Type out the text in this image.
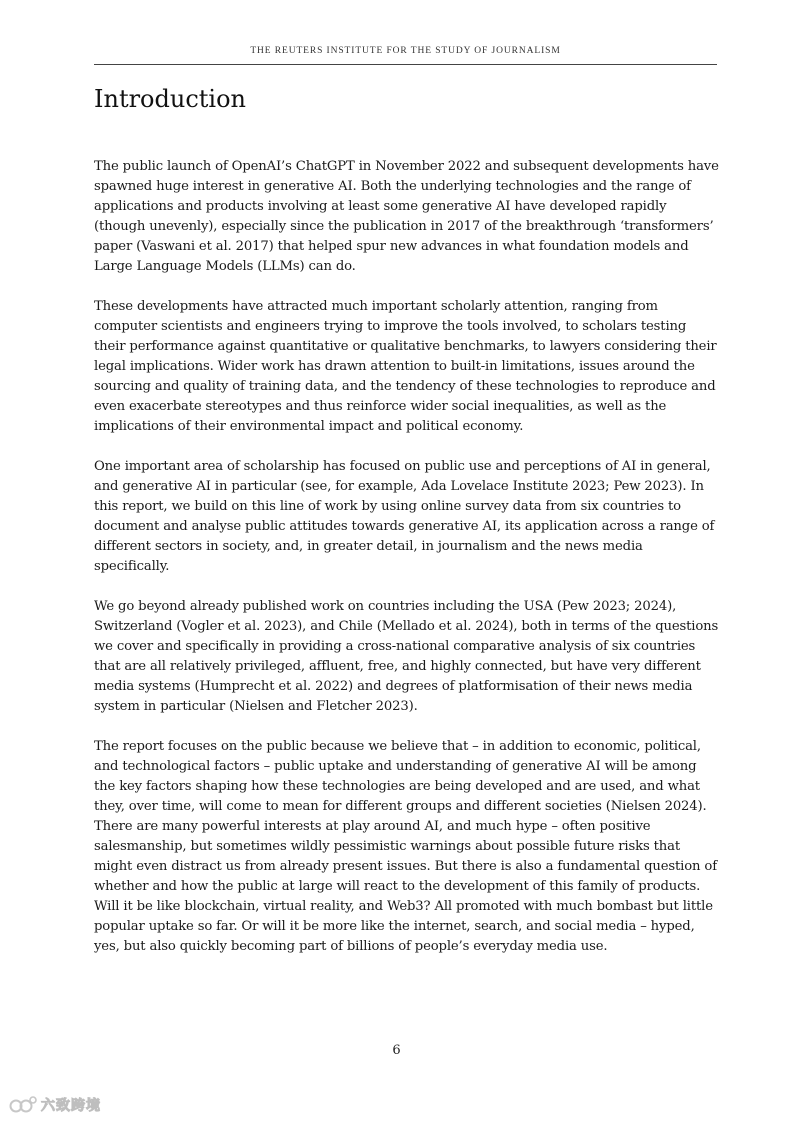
THE REUTERS INSTITUTE FOR THE STUDY OF JOURNALISM
Introduction

The public launch of OpenAI’s ChatGPT in November 2022 and subsequent developments have spawned huge interest in generative AI. Both the underlying technologies and the range of applications and products involving at least some generative AI have developed rapidly (though unevenly), especially since the publication in 2017 of the breakthrough ‘transformers’ paper (Vaswani et al. 2017) that helped spur new advances in what foundation models and Large Language Models (LLMs) can do.

These developments have attracted much important scholarly attention, ranging from computer scientists and engineers trying to improve the tools involved, to scholars testing their performance against quantitative or qualitative benchmarks, to lawyers considering their legal implications. Wider work has drawn attention to built-in limitations, issues around the sourcing and quality of training data, and the tendency of these technologies to reproduce and even exacerbate stereotypes and thus reinforce wider social inequalities, as well as the implications of their environmental impact and political economy.

One important area of scholarship has focused on public use and perceptions of AI in general, and generative AI in particular (see, for example, Ada Lovelace Institute 2023; Pew 2023). In this report, we build on this line of work by using online survey data from six countries to document and analyse public attitudes towards generative AI, its application across a range of different sectors in society, and, in greater detail, in journalism and the news media specifically.

We go beyond already published work on countries including the USA (Pew 2023; 2024), Switzerland (Vogler et al. 2023), and Chile (Mellado et al. 2024), both in terms of the questions we cover and specifically in providing a cross-national comparative analysis of six countries that are all relatively privileged, affluent, free, and highly connected, but have very different media systems (Humprecht et al. 2022) and degrees of platformisation of their news media system in particular (Nielsen and Fletcher 2023).

The report focuses on the public because we believe that – in addition to economic, political, and technological factors – public uptake and understanding of generative AI will be among the key factors shaping how these technologies are being developed and are used, and what they, over time, will come to mean for different groups and different societies (Nielsen 2024). There are many powerful interests at play around AI, and much hype – often positive salesmanship, but sometimes wildly pessimistic warnings about possible future risks that might even distract us from already present issues. But there is also a fundamental question of whether and how the public at large will react to the development of this family of products. Will it be like blockchain, virtual reality, and Web3? All promoted with much bombast but little popular uptake so far. Or will it be more like the internet, search, and social media – hyped, yes, but also quickly becoming part of billions of people’s everyday media use.

6
六致跨境
